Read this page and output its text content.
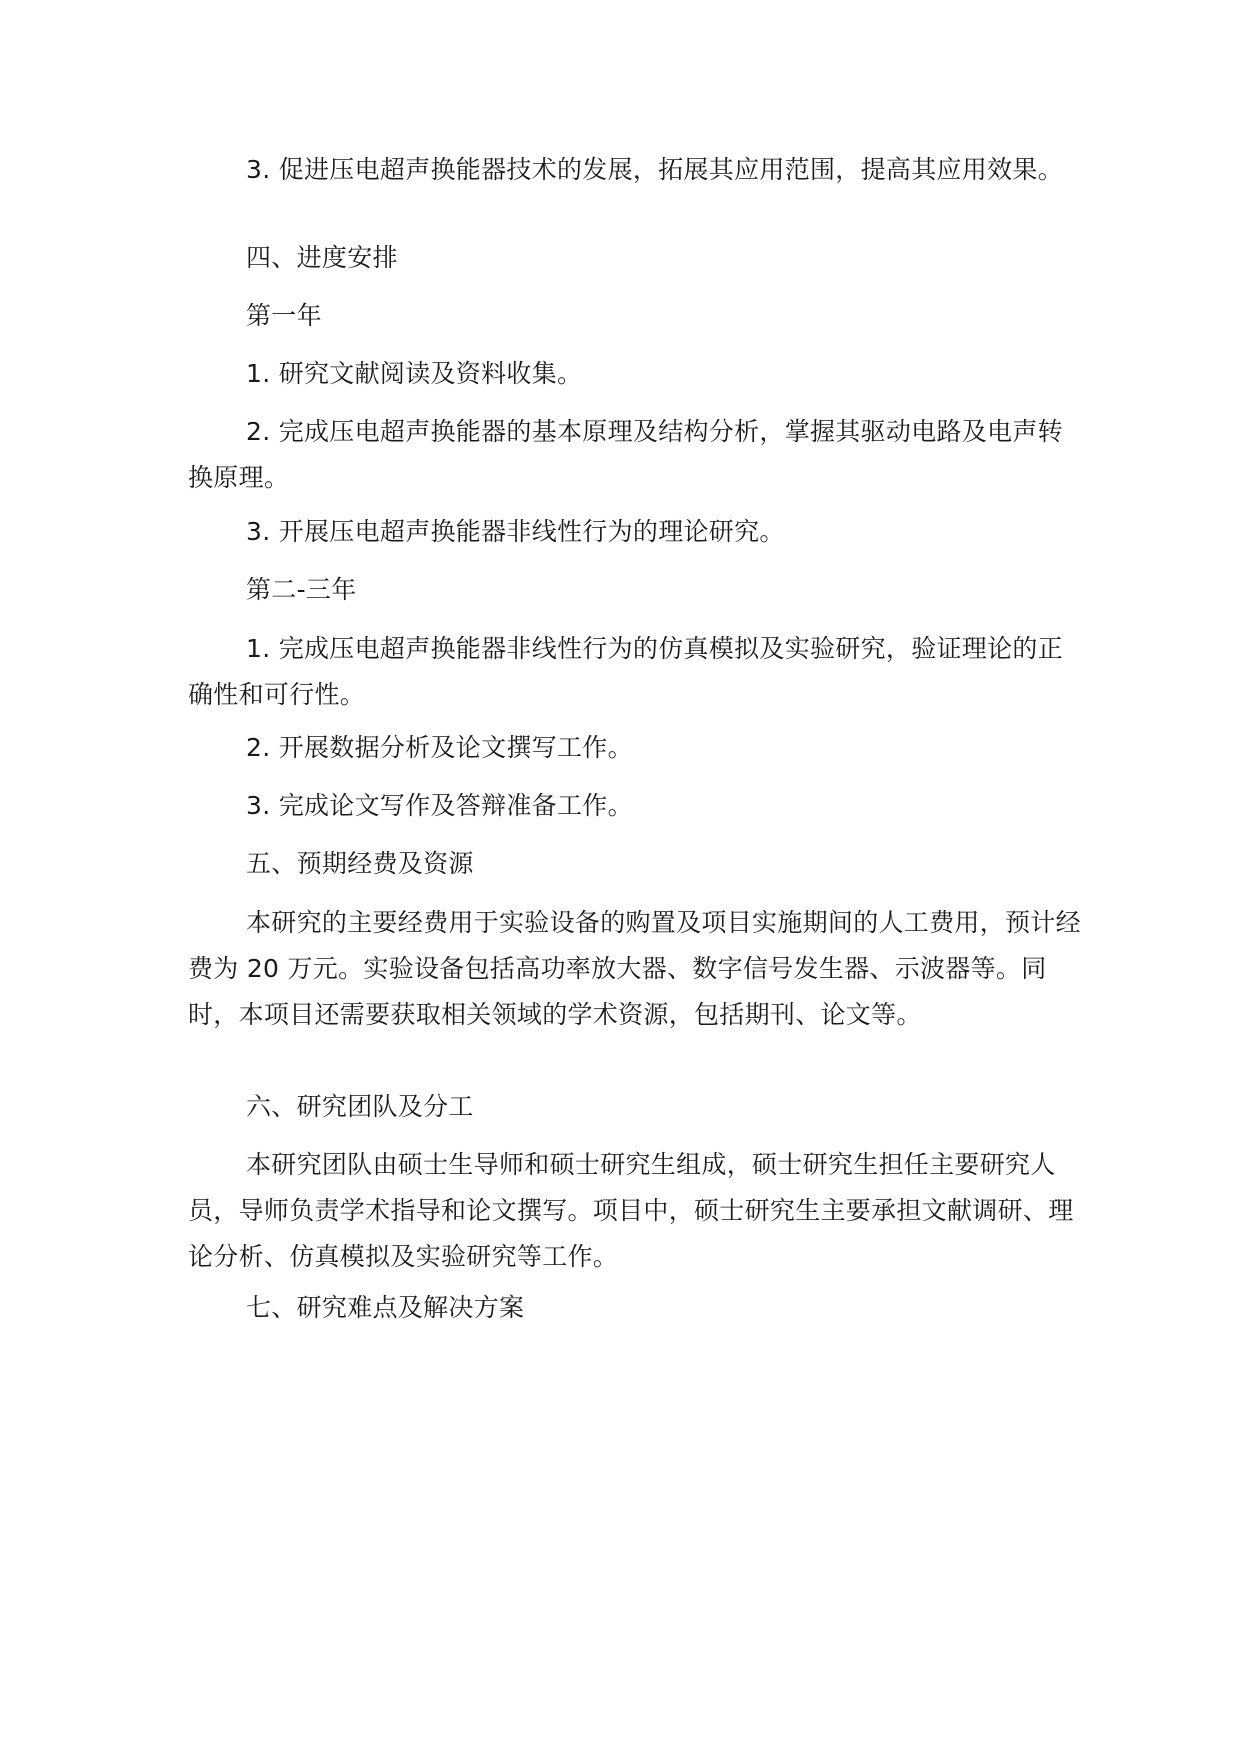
3. 促进压电超声换能器技术的发展，拓展其应用范围，提高其应用效果。

四、进度安排

第一年

1. 研究文献阅读及资料收集。

2. 完成压电超声换能器的基本原理及结构分析，掌握其驱动电路及电声转换原理。

3. 开展压电超声换能器非线性行为的理论研究。

第二-三年

1. 完成压电超声换能器非线性行为的仿真模拟及实验研究，验证理论的正确性和可行性。

2. 开展数据分析及论文撰写工作。

3. 完成论文写作及答辩准备工作。

五、预期经费及资源

本研究的主要经费用于实验设备的购置及项目实施期间的人工费用，预计经费为 20 万元。实验设备包括高功率放大器、数字信号发生器、示波器等。同时，本项目还需要获取相关领域的学术资源，包括期刊、论文等。

六、研究团队及分工

本研究团队由硕士生导师和硕士研究生组成，硕士研究生担任主要研究人员，导师负责学术指导和论文撰写。项目中，硕士研究生主要承担文献调研、理论分析、仿真模拟及实验研究等工作。

七、研究难点及解决方案
